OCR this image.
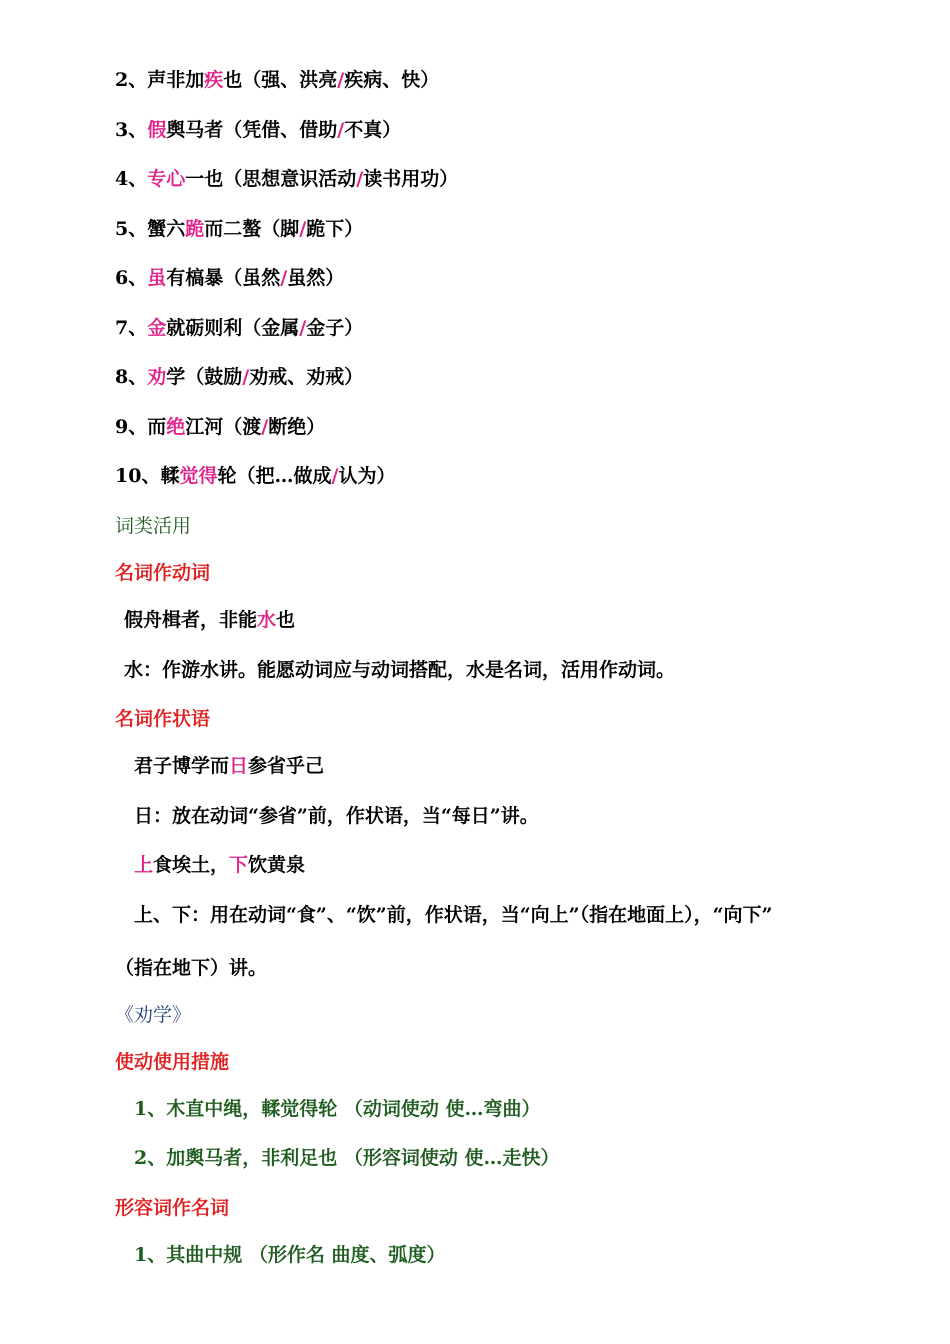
2、声非加疾也（强、洪亮/疾病、快）
3、假舆马者（凭借、借助/不真）
4、专心一也（思想意识活动/读书用功）
5、蟹六跪而二螯（脚/跪下）
6、虽有槁暴（虽然/虽然）
7、金就砺则利（金属/金子）
8、劝学（鼓励/劝戒、劝戒）
9、而绝江河（渡/断绝）
10、輮觉得轮（把…做成/认为）
词类活用
名词作动词
假舟楫者，非能水也
水：作游水讲。能愿动词应与动词搭配，水是名词，活用作动词。
名词作状语
君子博学而日参省乎己
日：放在动词“参省”前，作状语，当“每日”讲。
上食埃土，下饮黄泉
上、下：用在动词“食”、“饮”前，作状语，当“向上”（指在地面上），“向下”
（指在地下）讲。
《劝学》
使动使用措施
1、木直中绳，輮觉得轮 （动词使动 使…弯曲）
2、加舆马者，非利足也 （形容词使动 使…走快）
形容词作名词
1、其曲中规 （形作名 曲度、弧度）
